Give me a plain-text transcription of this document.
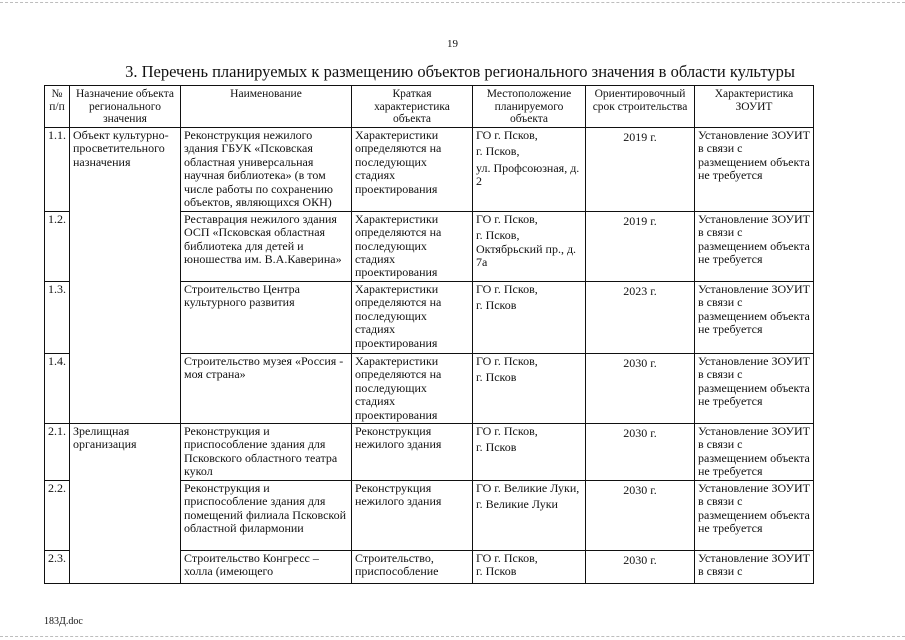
19
3. Перечень планируемых к размещению объектов регионального значения в области культуры
№ п/п	Назначение объекта регионального значения	Наименование	Краткая характеристика объекта	Местоположение планируемого объекта	Ориентировочный срок строительства	Характеристика ЗОУИТ
1.1.	Объект культурно-просветительного назначения	Реконструкция нежилого здания ГБУК «Псковская областная универсальная научная библиотека» (в том числе работы по сохранению объектов, являющихся ОКН)	Характеристики определяются на последующих стадиях проектирования	ГО г. Псков,
г. Псков,
ул. Профсоюзная, д. 2	2019 г.	Установление ЗОУИТ в связи с размещением объекта не требуется
1.2.		Реставрация нежилого здания ОСП «Псковская областная библиотека для детей и юношества им. В.А.Каверина»	Характеристики определяются на последующих стадиях проектирования	ГО г. Псков,
г. Псков,
Октябрьский пр., д. 7а	2019 г.	Установление ЗОУИТ в связи с размещением объекта не требуется
1.3.		Строительство Центра культурного развития	Характеристики определяются на последующих стадиях проектирования	ГО г. Псков,
г. Псков	2023 г.	Установление ЗОУИТ в связи с размещением объекта не требуется
1.4.		Строительство музея «Россия - моя страна»	Характеристики определяются на последующих стадиях проектирования	ГО г. Псков,
г. Псков	2030 г.	Установление ЗОУИТ в связи с размещением объекта не требуется
2.1.	Зрелищная организация	Реконструкция и приспособление здания для Псковского областного театра кукол	Реконструкция нежилого здания	ГО г. Псков,
г. Псков	2030 г.	Установление ЗОУИТ в связи с размещением объекта не требуется
2.2.		Реконструкция и приспособление здания для помещений филиала Псковской областной филармонии	Реконструкция нежилого здания	ГО г. Великие Луки,
г. Великие Луки	2030 г.	Установление ЗОУИТ в связи с размещением объекта не требуется
2.3.		Строительство Конгресс – холла (имеющего	Строительство, приспособление	ГО г. Псков,
г. Псков	2030 г.	Установление ЗОУИТ в связи с
183Д.doc
